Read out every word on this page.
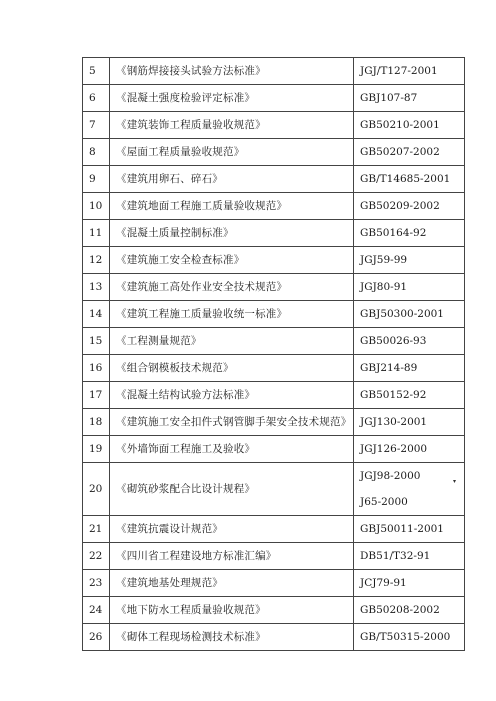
5	《钢筋焊接接头试验方法标准》	JGJ/T127-2001

6	《混凝土强度检验评定标准》	GBJ107-87

7	《建筑装饰工程质量验收规范》	GB50210-2001

8	《屋面工程质量验收规范》	GB50207-2002

9	《建筑用卵石、碎石》	GB/T14685-2001

10	《建筑地面工程施工质量验收规范》	GB50209-2002

11	《混凝土质量控制标准》	GB50164-92

12	《建筑施工安全检查标准》	JGJ59-99

13	《建筑施工高处作业安全技术规范》	JGJ80-91

14	《建筑工程施工质量验收统一标准》	GBJ50300-2001

15	《工程测量规范》	GB50026-93

16	《组合钢模板技术规范》	GBJ214-89

17	《混凝土结构试验方法标准》	GB50152-92

18	《建筑施工安全扣件式钢管脚手架安全技术规范》	JGJ130-2001

19	《外墙饰面工程施工及验收》	JGJ126-2000

20	《砌筑砂浆配合比设计规程》	JGJ98-2000
J65-2000
▾

21	《建筑抗震设计规范》	GBJ50011-2001

22	《四川省工程建设地方标准汇编》	DB51/T32-91

23	《建筑地基处理规范》	JCJ79-91

24	《地下防水工程质量验收规范》	GB50208-2002

26	《砌体工程现场检测技术标准》	GB/T50315-2000
